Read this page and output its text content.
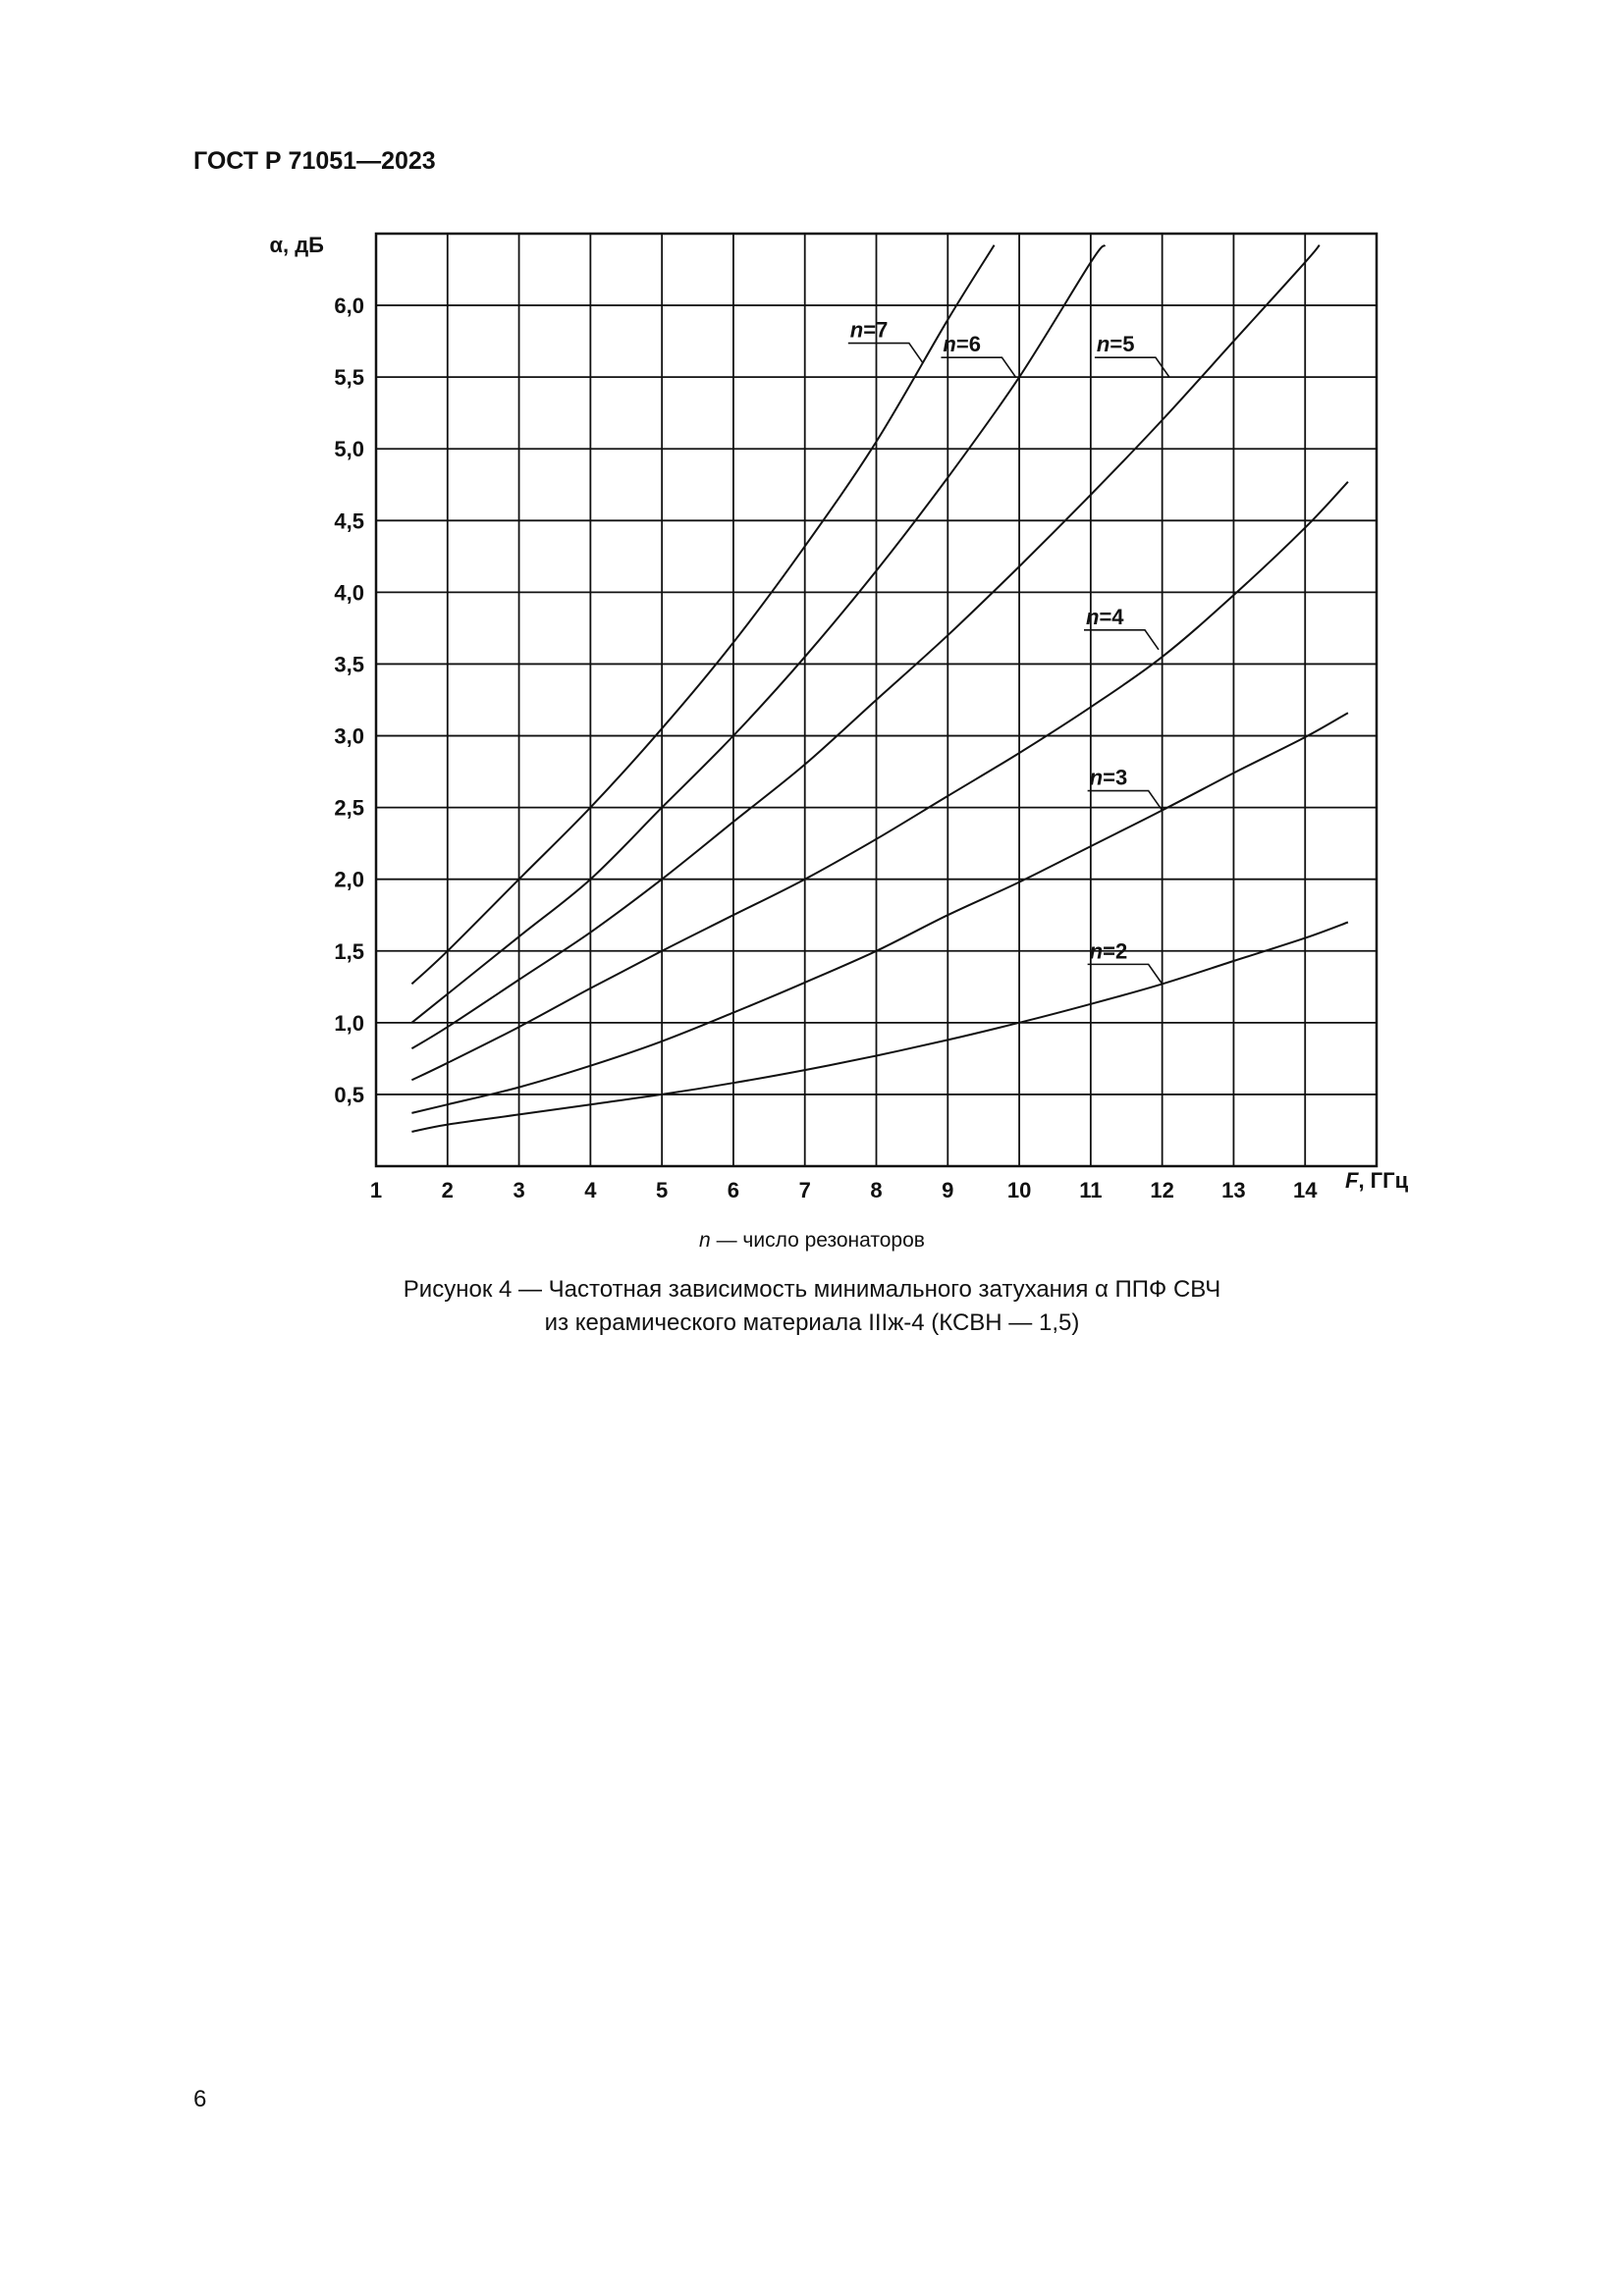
ГОСТ Р 71051—2023
n=2
n=3
n=4
n=5
n=6
n=7
1	2	3	4	5	6	7	8	9 10 11 12 13 14
0,5
1,0
1,5
2,0
2,5
3,0
3,5
4,0
4,5
5,0
5,5
6,0
α, дБ
F, ГГц
n — число резонаторов
Рисунок 4 — Частотная зависимость минимального затухания α ППФ СВЧ
из керамического материала IIIж-4 (КСВН — 1,5)
6
